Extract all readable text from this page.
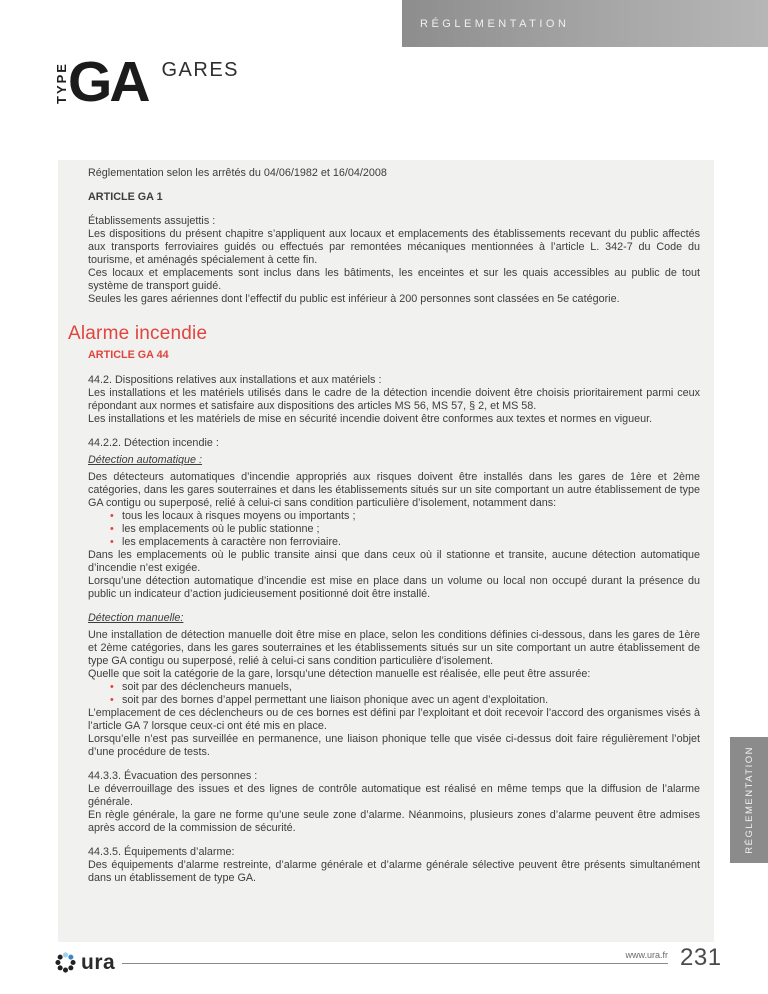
RÉGLEMENTATION
TYPE GA GARES

Réglementation selon les arrêtés du 04/06/1982 et 16/04/2008

ARTICLE GA 1

Établissements assujettis :

Les dispositions du présent chapitre s’appliquent aux locaux et emplacements des établissements recevant du public affectés aux transports ferroviaires guidés ou effectués par remontées mécaniques mentionnées à l’article L. 342-7 du Code du tourisme, et aménagés spécialement à cette fin.

Ces locaux et emplacements sont inclus dans les bâtiments, les enceintes et sur les quais accessibles au public de tout système de transport guidé.

Seules les gares aériennes dont l’effectif du public est inférieur à 200 personnes sont classées en 5e catégorie.

Alarme incendie

ARTICLE GA 44

44.2. Dispositions relatives aux installations et aux matériels :

Les installations et les matériels utilisés dans le cadre de la détection incendie doivent être choisis prioritairement parmi ceux répondant aux normes et satisfaire aux dispositions des articles MS 56, MS 57, § 2, et MS 58.

Les installations et les matériels de mise en sécurité incendie doivent être conformes aux textes et normes en vigueur.

44.2.2. Détection incendie :

Détection automatique :

Des détecteurs automatiques d’incendie appropriés aux risques doivent être installés dans les gares de 1ère et 2ème catégories, dans les gares souterraines et dans les établissements situés sur un site comportant un autre établissement de type GA contigu ou superposé, relié à celui-ci sans condition particulière d’isolement, notamment dans:

• tous les locaux à risques moyens ou importants ;
• les emplacements où le public stationne ;
• les emplacements à caractère non ferroviaire.

Dans les emplacements où le public transite ainsi que dans ceux où il stationne et transite, aucune détection automatique d’incendie n’est exigée.

Lorsqu’une détection automatique d’incendie est mise en place dans un volume ou local non occupé durant la présence du public un indicateur d’action judicieusement positionné doit être installé.

Détection manuelle:

Une installation de détection manuelle doit être mise en place, selon les conditions définies ci-dessous, dans les gares de 1ère et 2ème catégories, dans les gares souterraines et les établissements situés sur un site comportant un autre établissement de type GA contigu ou superposé, relié à celui-ci sans condition particulière d’isolement.

Quelle que soit la catégorie de la gare, lorsqu’une détection manuelle est réalisée, elle peut être assurée:

• soit par des déclencheurs manuels,
• soit par des bornes d’appel permettant une liaison phonique avec un agent d’exploitation.

L’emplacement de ces déclencheurs ou de ces bornes est défini par l’exploitant et doit recevoir l’accord des organismes visés à l’article GA 7 lorsque ceux-ci ont été mis en place.

Lorsqu’elle n’est pas surveillée en permanence, une liaison phonique telle que visée ci-dessus doit faire régulièrement l’objet d’une procédure de tests.

44.3.3. Évacuation des personnes :

Le déverrouillage des issues et des lignes de contrôle automatique est réalisé en même temps que la diffusion de l’alarme générale.

En règle générale, la gare ne forme qu’une seule zone d’alarme. Néanmoins, plusieurs zones d’alarme peuvent être admises après accord de la commission de sécurité.

44.3.5. Équipements d’alarme:

Des équipements d’alarme restreinte, d’alarme générale et d’alarme générale sélective peuvent être présents simultanément dans un établissement de type GA.

RÉGLEMENTATION
ura	www.ura.fr 231
